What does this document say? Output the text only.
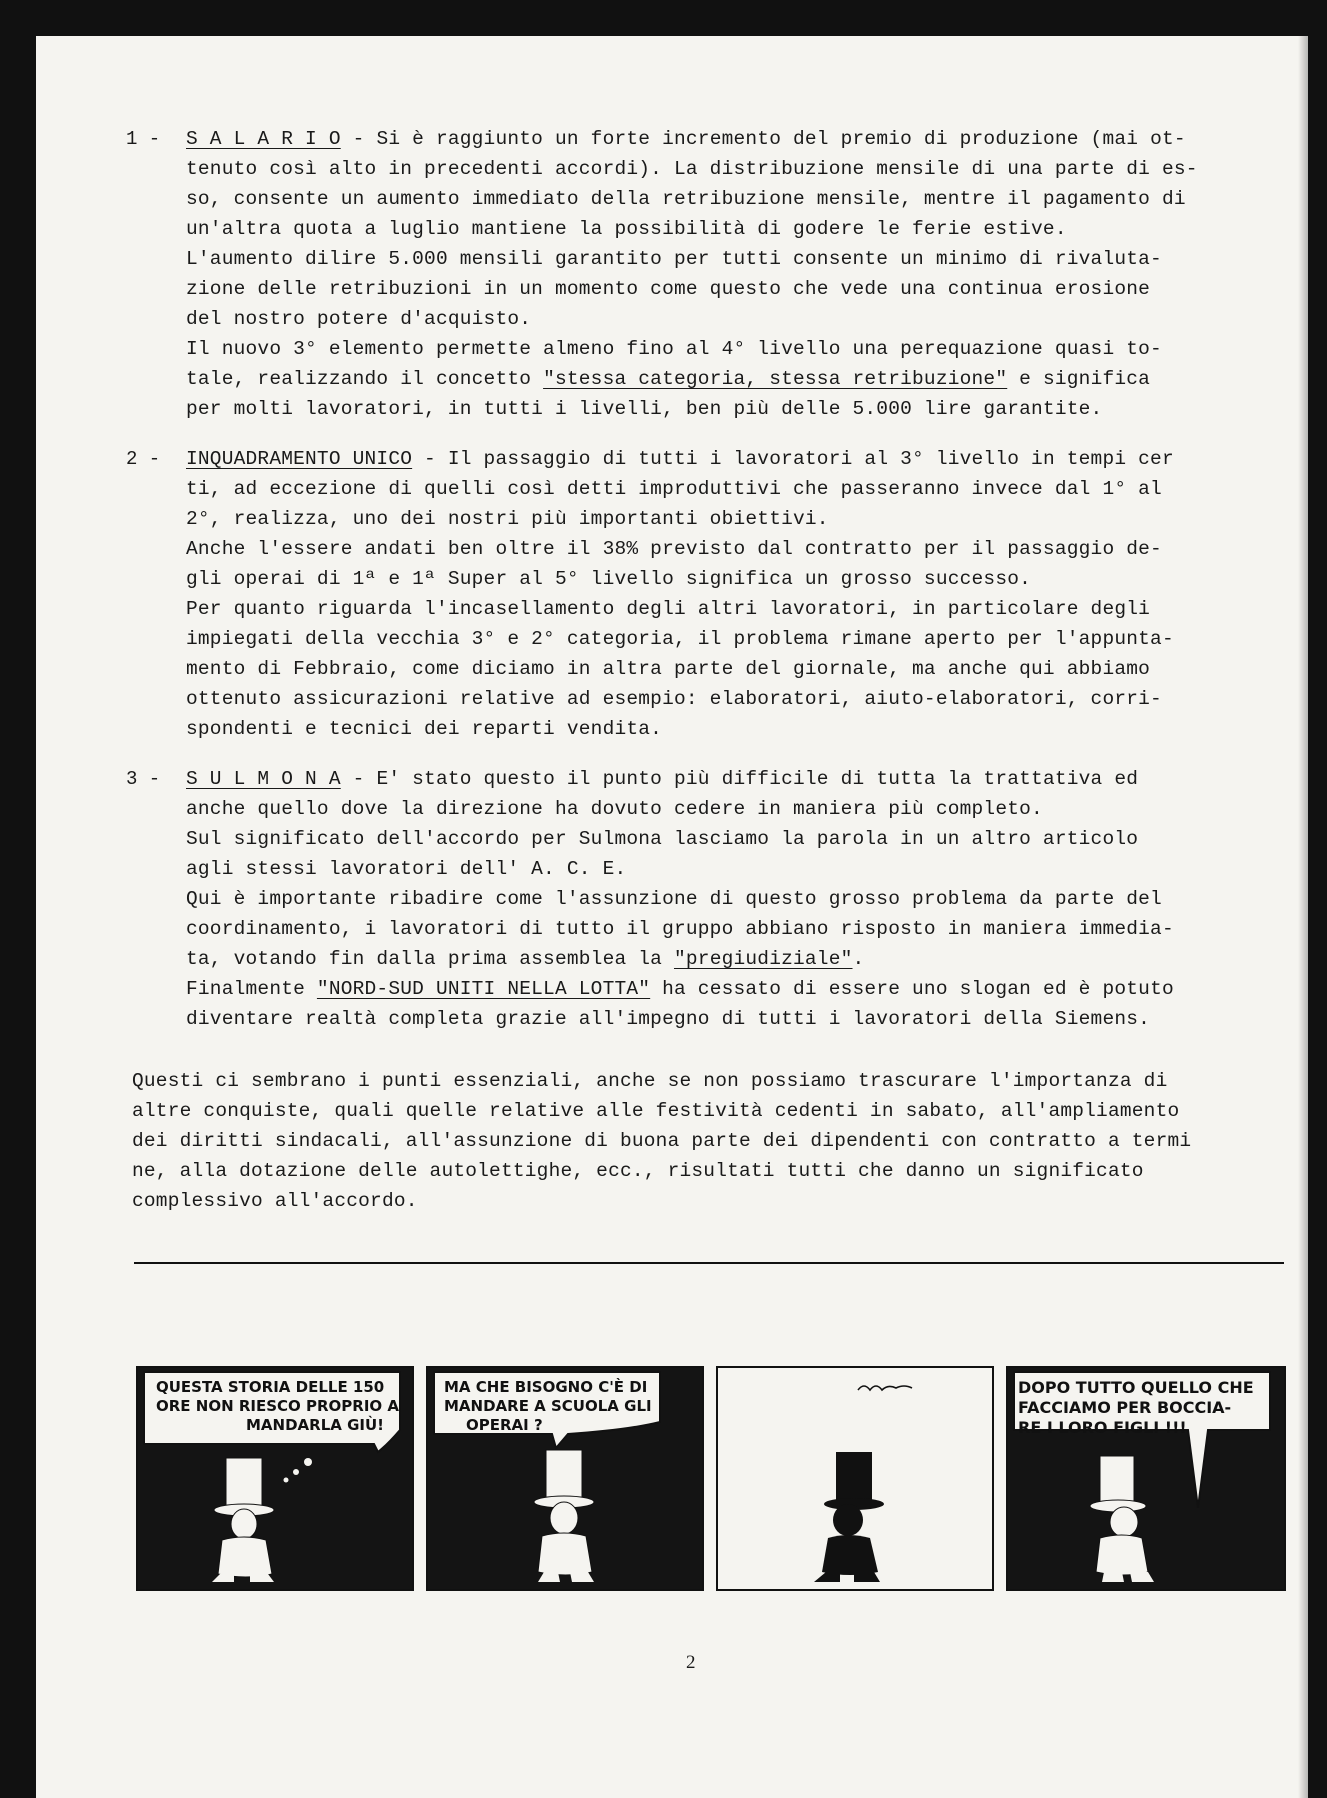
1 -	S A L A R I O - Si è raggiunto un forte incremento del premio di produzione (mai ot-
tenuto così alto in precedenti accordi). La distribuzione mensile di una parte di es-
so, consente un aumento immediato della retribuzione mensile, mentre il pagamento di
un'altra quota a luglio mantiene la possibilità di godere le ferie estive.
L'aumento dilire 5.000 mensili garantito per tutti consente un minimo di rivaluta-
zione delle retribuzioni in un momento come questo che vede una continua erosione
del nostro potere d'acquisto.
Il nuovo 3° elemento permette almeno fino al 4° livello una perequazione quasi to-
tale, realizzando il concetto "stessa categoria, stessa retribuzione" e significa
per molti lavoratori, in tutti i livelli, ben più delle 5.000 lire garantite.
2 -	INQUADRAMENTO UNICO - Il passaggio di tutti i lavoratori al 3° livello in tempi cer
ti, ad eccezione di quelli così detti improduttivi che passeranno invece dal 1° al
2°, realizza, uno dei nostri più importanti obiettivi.
Anche l'essere andati ben oltre il 38% previsto dal contratto per il passaggio de-
gli operai di 1ª e 1ª Super al 5° livello significa un grosso successo.
Per quanto riguarda l'incasellamento degli altri lavoratori, in particolare degli
impiegati della vecchia 3° e 2° categoria, il problema rimane aperto per l'appunta-
mento di Febbraio, come diciamo in altra parte del giornale, ma anche qui abbiamo
ottenuto assicurazioni relative ad esempio: elaboratori, aiuto-elaboratori, corri-
spondenti e tecnici dei reparti vendita.
3 -	S U L M O N A - E' stato questo il punto più difficile di tutta la trattativa ed
anche quello dove la direzione ha dovuto cedere in maniera più completo.
Sul significato dell'accordo per Sulmona lasciamo la parola in un altro articolo
agli stessi lavoratori dell' A. C. E.
Qui è importante ribadire come l'assunzione di questo grosso problema da parte del
coordinamento, i lavoratori di tutto il gruppo abbiano risposto in maniera immedia-
ta, votando fin dalla prima assemblea la "pregiudiziale".
Finalmente "NORD-SUD UNITI NELLA LOTTA" ha cessato di essere uno slogan ed è potuto
diventare realtà completa grazie all'impegno di tutti i lavoratori della Siemens.
Questi ci sembrano i punti essenziali, anche se non possiamo trascurare l'importanza di
altre conquiste, quali quelle relative alle festività cedenti in sabato, all'ampliamento
dei diritti sindacali, all'assunzione di buona parte dei dipendenti con contratto a termi
ne, alla dotazione delle autolettighe, ecc., risultati tutti che danno un significato
complessivo all'accordo.
QUESTA STORIA DELLE 150
ORE NON RIESCO PROPRIO A
MANDARLA GIÙ!
MA CHE BISOGNO C'È DI
MANDARE A SCUOLA GLI
OPERAI ?
DOPO TUTTO QUELLO CHE
FACCIAMO PER BOCCIA-
RE I LORO FIGLI !!!
2
